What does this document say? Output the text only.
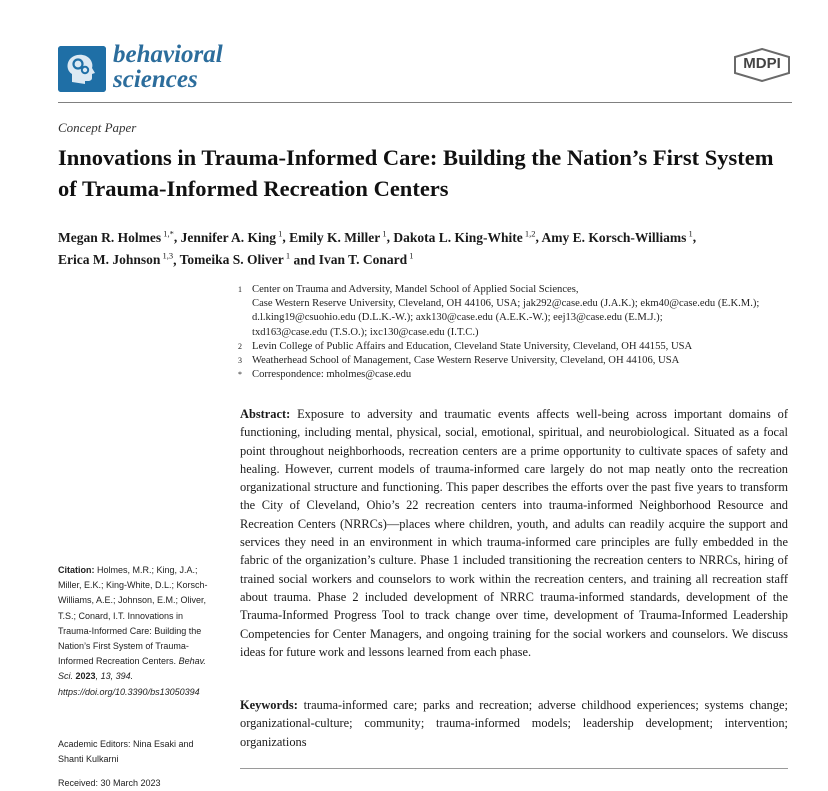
behavioral
sciences
MDPI
Concept Paper
Innovations in Trauma-Informed Care: Building the Nation’s First System of Trauma-Informed Recreation Centers
Megan R. Holmes $^{1,*}$, Jennifer A. King $^1$, Emily K. Miller $^1$, Dakota L. King-White $^{1,2}$, Amy E. Korsch-Williams $^1$,
Erica M. Johnson $^{1,3}$, Tomeika S. Oliver $^1$ and Ivan T. Conard $^1$
1 Center on Trauma and Adversity, Mandel School of Applied Social Sciences,
Case Western Reserve University, Cleveland, OH 44106, USA; jak292@case.edu (J.A.K.); ekm40@case.edu (E.K.M.);
d.l.king19@csuohio.edu (D.L.K.-W.); axk130@case.edu (A.E.K.-W.); eej13@case.edu (E.M.J.);
txd163@case.edu (T.S.O.); ixc130@case.edu (I.T.C.)
2 Levin College of Public Affairs and Education, Cleveland State University, Cleveland, OH 44155, USA
3 Weatherhead School of Management, Case Western Reserve University, Cleveland, OH 44106, USA
* Correspondence: mholmes@case.edu

Abstract: Exposure to adversity and traumatic events affects well-being across important domains of functioning, including mental, physical, social, emotional, spiritual, and neurobiological. Situated as a focal point throughout neighborhoods, recreation centers are a prime opportunity to cultivate spaces of safety and healing. However, current models of trauma-informed care largely do not map neatly onto the recreation organizational structure and functioning. This paper describes the efforts over the past five years to transform the City of Cleveland, Ohio’s 22 recreation centers into trauma-informed Neighborhood Resource and Recreation Centers (NRRCs)—places where children, youth, and adults can readily acquire the support and services they need in an environment in which trauma-informed care principles are fully embedded in the fabric of the organization’s culture. Phase 1 included transitioning the recreation centers to NRRCs, hiring of trained social workers and counselors to work within the recreation centers, and training all recreation staff about trauma. Phase 2 included development of NRRC trauma-informed standards, development of the Trauma-Informed Progress Tool to track change over time, development of Trauma-Informed Leadership Competencies for Center Managers, and ongoing training for the social workers and counselors. We discuss ideas for future work and lessons learned from each phase.

Keywords: trauma-informed care; parks and recreation; adverse childhood experiences; systems change; organizational-culture; community; trauma-informed models; leadership development; intervention; organizations

Citation: Holmes, M.R.; King, J.A.; Miller, E.K.; King-White, D.L.; Korsch-Williams, A.E.; Johnson, E.M.; Oliver, T.S.; Conard, I.T. Innovations in Trauma-Informed Care: Building the Nation’s First System of Trauma-Informed Recreation Centers. Behav. Sci. 2023, 13, 394. https://doi.org/10.3390/bs13050394
Academic Editors: Nina Esaki and Shanti Kulkarni
Received: 30 March 2023
